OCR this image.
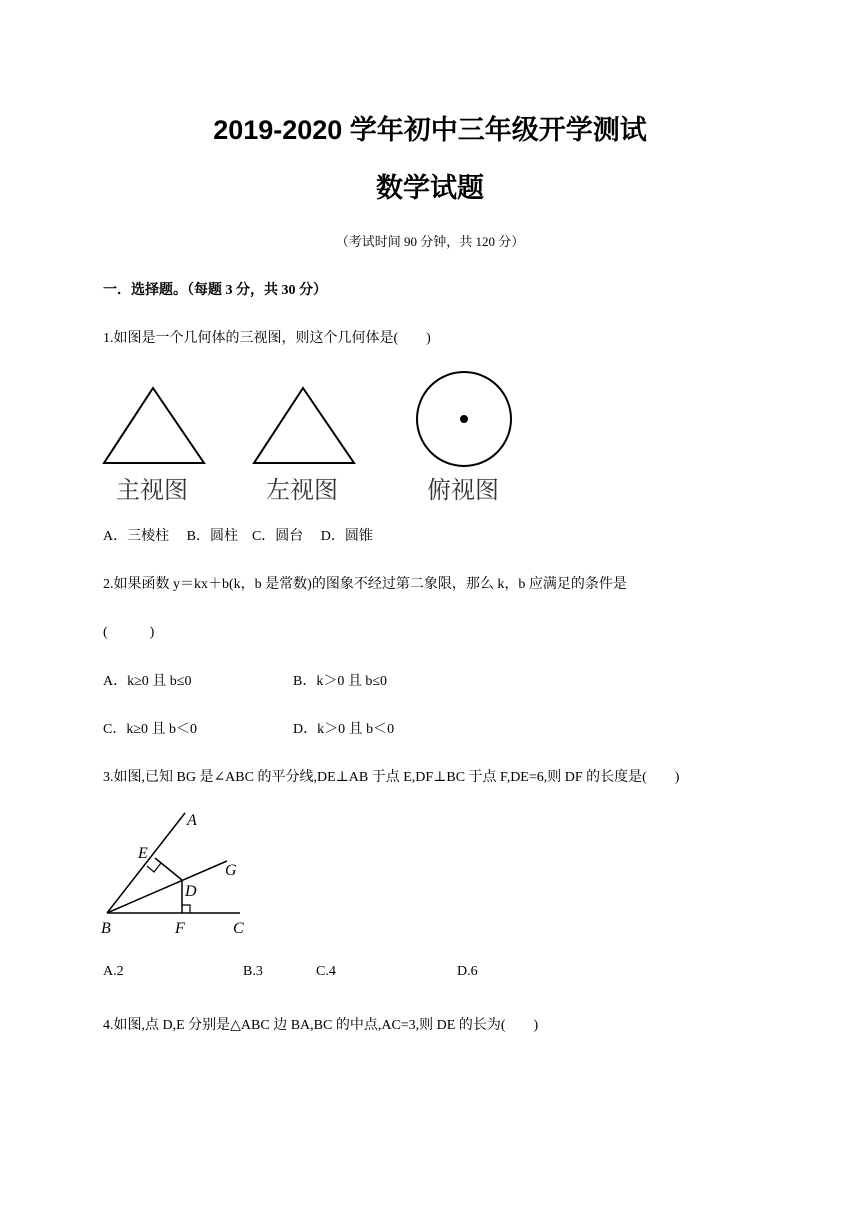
2019-2020 学年初中三年级开学测试
数学试题
（考试时间 90 分钟，共 120 分）
一．选择题。（每题 3 分，共 30 分）
1.如图是一个几何体的三视图，则这个几何体是(　　)
主视图	左视图	俯视图
A．三棱柱　 B．圆柱　C．圆台　 D．圆锥
2.如果函数 y＝kx＋b(k，b 是常数)的图象不经过第二象限，那么 k，b 应满足的条件是
(　　　)
A．k≥0 且 b≤0	B．k＞0 且 b≤0
C．k≥0 且 b＜0	D．k＞0 且 b＜0
3.如图,已知 BG 是∠ABC 的平分线,DE⊥AB 于点 E,DF⊥BC 于点 F,DE=6,则 DF 的长度是(　　)
A
E
G
D
B	F	C
A.2	B.3	C.4	D.6
4.如图,点 D,E 分别是△ABC 边 BA,BC 的中点,AC=3,则 DE 的长为(　　)
